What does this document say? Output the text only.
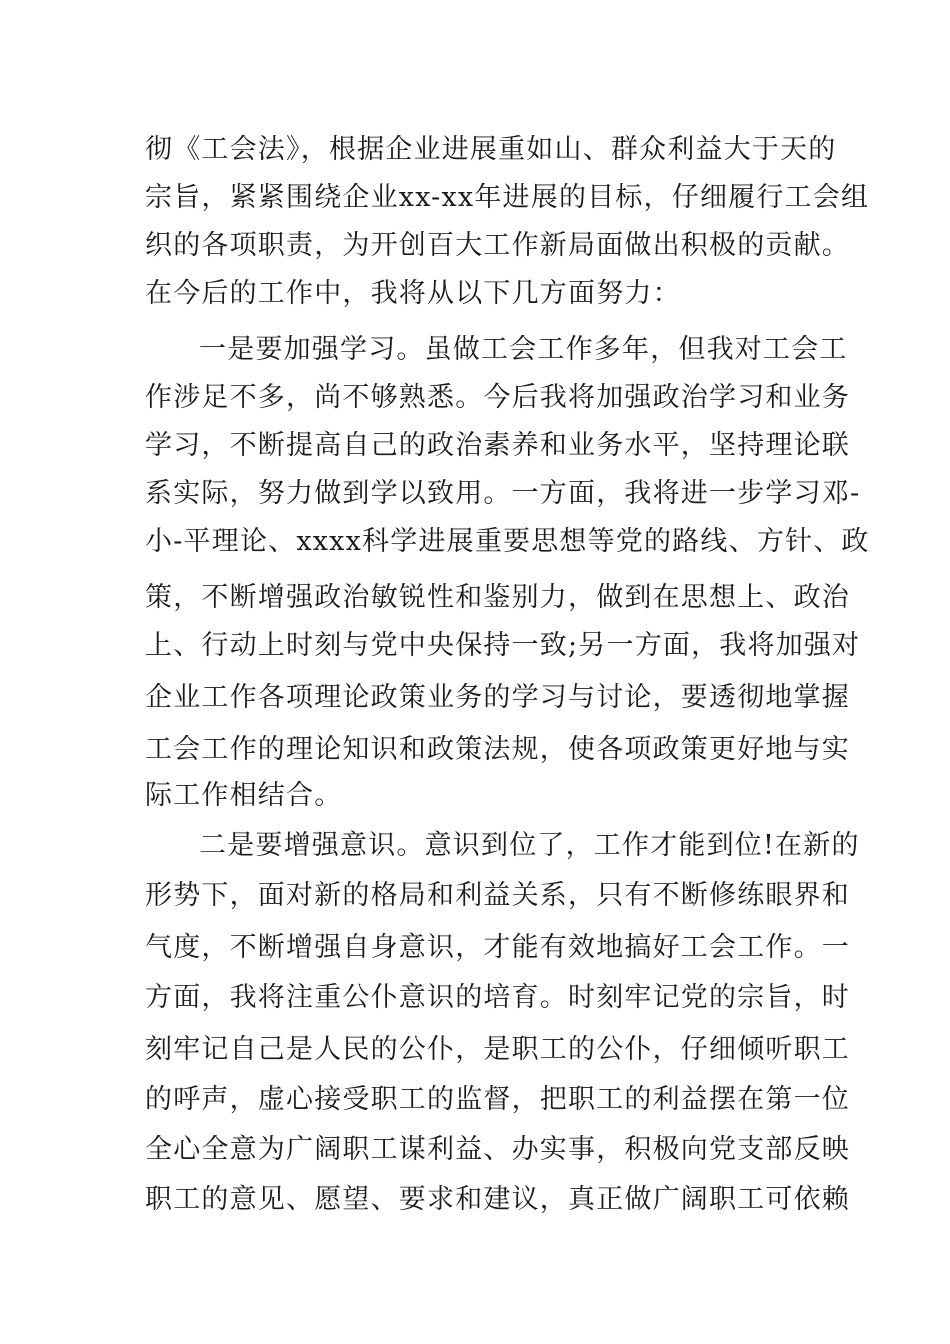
彻《工会法》，根据企业进展重如山、群众利益大于天的
宗旨，紧紧围绕企业xx-xx年进展的目标，仔细履行工会组
织的各项职责，为开创百大工作新局面做出积极的贡献。
在今后的工作中，我将从以下几方面努力：
一是要加强学习。虽做工会工作多年，但我对工会工
作涉足不多，尚不够熟悉。今后我将加强政治学习和业务
学习，不断提高自己的政治素养和业务水平，坚持理论联
系实际，努力做到学以致用。一方面，我将进一步学习邓-
小-平理论、xxxx科学进展重要思想等党的路线、方针、政
策，不断增强政治敏锐性和鉴别力，做到在思想上、政治
上、行动上时刻与党中央保持一致;另一方面，我将加强对
企业工作各项理论政策业务的学习与讨论，要透彻地掌握
工会工作的理论知识和政策法规，使各项政策更好地与实
际工作相结合。
二是要增强意识。意识到位了，工作才能到位!在新的
形势下，面对新的格局和利益关系，只有不断修练眼界和
气度，不断增强自身意识，才能有效地搞好工会工作。一
方面，我将注重公仆意识的培育。时刻牢记党的宗旨，时
刻牢记自己是人民的公仆，是职工的公仆，仔细倾听职工
的呼声，虚心接受职工的监督，把职工的利益摆在第一位
全心全意为广阔职工谋利益、办实事，积极向党支部反映
职工的意见、愿望、要求和建议，真正做广阔职工可依赖
